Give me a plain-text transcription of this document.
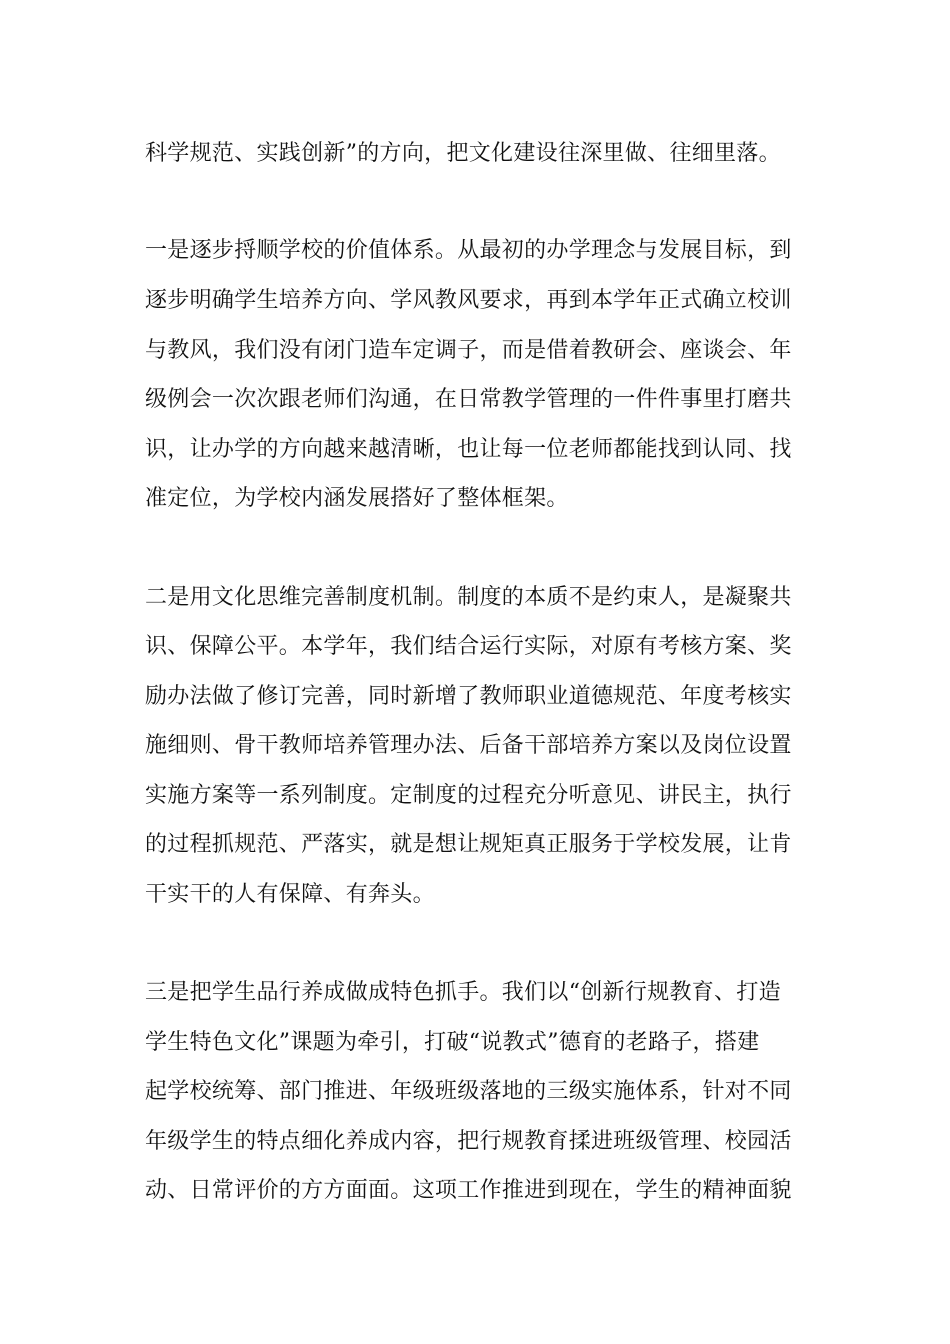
科学规范、实践创新”的方向，把文化建设往深里做、往细里落。
一是逐步捋顺学校的价值体系。从最初的办学理念与发展目标，到
逐步明确学生培养方向、学风教风要求，再到本学年正式确立校训
与教风，我们没有闭门造车定调子，而是借着教研会、座谈会、年
级例会一次次跟老师们沟通，在日常教学管理的一件件事里打磨共
识，让办学的方向越来越清晰，也让每一位老师都能找到认同、找
准定位，为学校内涵发展搭好了整体框架。
二是用文化思维完善制度机制。制度的本质不是约束人，是凝聚共
识、保障公平。本学年，我们结合运行实际，对原有考核方案、奖
励办法做了修订完善，同时新增了教师职业道德规范、年度考核实
施细则、骨干教师培养管理办法、后备干部培养方案以及岗位设置
实施方案等一系列制度。定制度的过程充分听意见、讲民主，执行
的过程抓规范、严落实，就是想让规矩真正服务于学校发展，让肯
干实干的人有保障、有奔头。
三是把学生品行养成做成特色抓手。我们以“创新行规教育、打造
学生特色文化”课题为牵引，打破“说教式”德育的老路子，搭建
起学校统筹、部门推进、年级班级落地的三级实施体系，针对不同
年级学生的特点细化养成内容，把行规教育揉进班级管理、校园活
动、日常评价的方方面面。这项工作推进到现在，学生的精神面貌
